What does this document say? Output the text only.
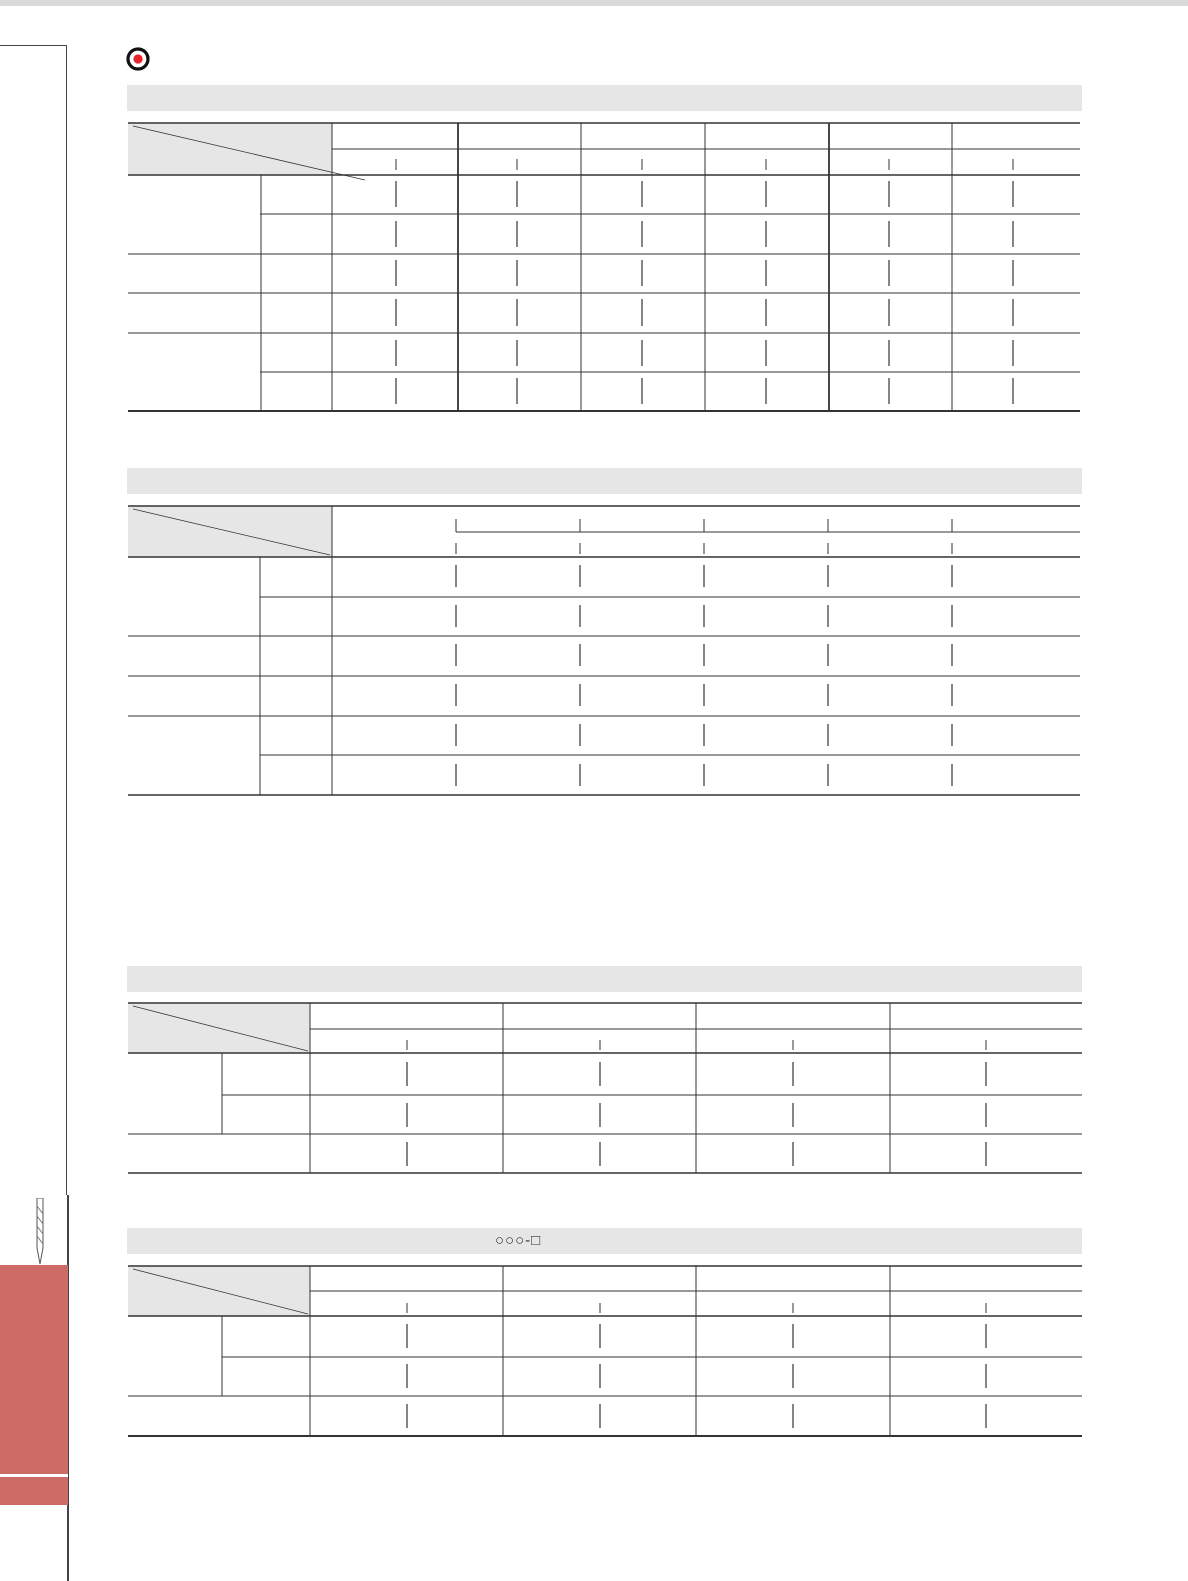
○○○-□
